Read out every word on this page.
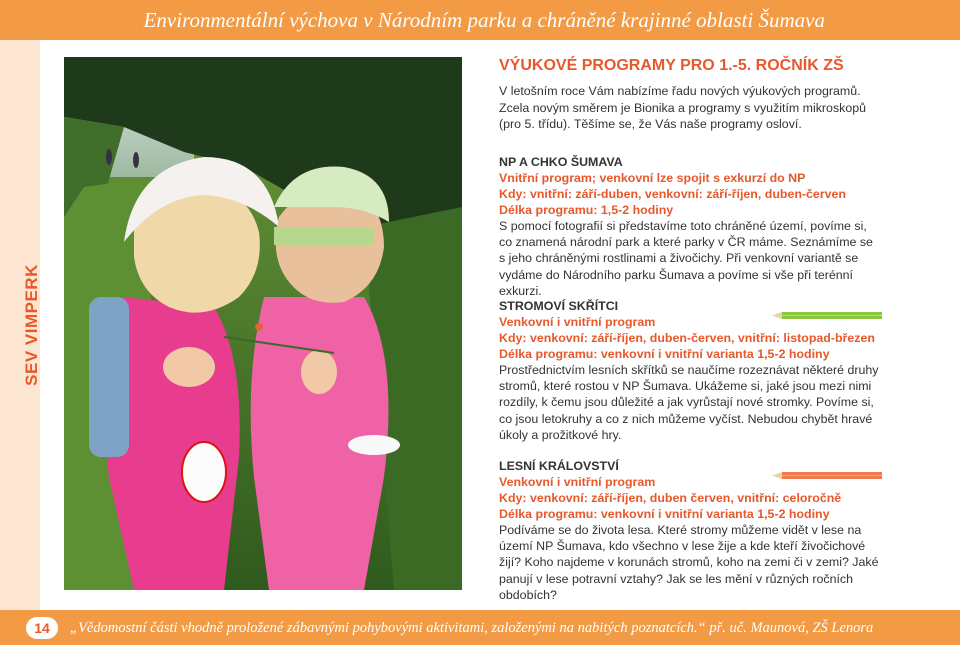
Environmentální výchova v Národním parku a chráněné krajinné oblasti Šumava
SEV VIMPERK
VÝUKOVÉ PROGRAMY PRO 1.-5. ROČNÍK ZŠ

V letošním roce Vám nabízíme řadu nových výukových programů. Zcela novým směrem je Bionika a programy s využitím mikroskopů (pro 5. třídu). Těšíme se, že Vás naše programy osloví.

NP A CHKO ŠUMAVA
Vnitřní program; venkovní lze spojit s exkurzí do NP
Kdy: vnitřní: září-duben, venkovní: září-říjen, duben-červen
Délka programu: 1,5-2 hodiny

S pomocí fotografií si představíme toto chráněné území, povíme si, co znamená národní park a které parky v ČR máme. Seznámíme se s jeho chráněnými rostlinami a živočichy. Při venkovní variantě se vydáme do Národního parku Šumava a povíme si vše při terénní exkurzi.

STROMOVÍ SKŘÍTCI
Venkovní i vnitřní program
Kdy: venkovní: září-říjen, duben-červen, vnitřní: listopad-březen
Délka programu: venkovní i vnitřní varianta 1,5-2 hodiny

Prostřednictvím lesních skřítků se naučíme rozeznávat některé druhy stromů, které rostou v NP Šumava. Ukážeme si, jaké jsou mezi nimi rozdíly, k čemu jsou důležité a jak vyrůstají nové stromky. Povíme si, co jsou letokruhy a co z nich můžeme vyčíst. Nebudou chybět hravé úkoly a prožitkové hry.

LESNÍ KRÁLOVSTVÍ
Venkovní i vnitřní program
Kdy: venkovní: září-říjen, duben červen, vnitřní: celoročně
Délka programu: venkovní i vnitřní varianta 1,5-2 hodiny

Podíváme se do života lesa. Které stromy můžeme vidět v lese na území NP Šumava, kdo všechno v lese žije a kde kteří živočichové žijí? Koho najdeme v korunách stromů, koho na zemi či v zemi? Jaké panují v lese potravní vztahy? Jak se les mění v různých ročních obdobích?

14	„Vědomostní části vhodně proložené zábavnými pohybovými aktivitami, založenými na nabitých poznatcích.“ př. uč. Maunová, ZŠ Lenora
